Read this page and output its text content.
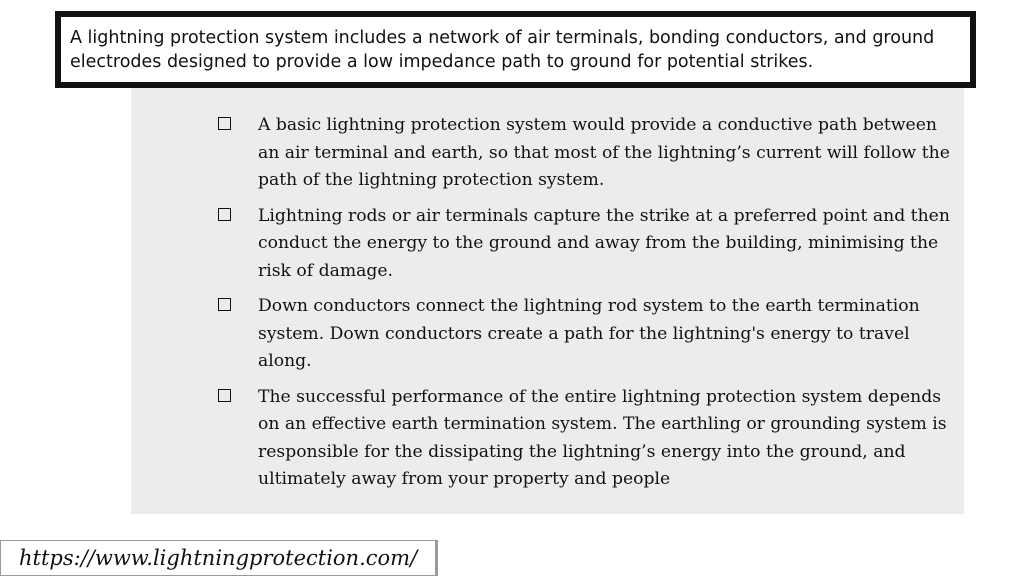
A lightning protection system includes a network of air terminals, bonding conductors, and ground electrodes designed to provide a low impedance path to ground for potential strikes.

A basic lightning protection system would provide a conductive path between an air terminal and earth, so that most of the lightning’s current will follow the path of the lightning protection system.
Lightning rods or air terminals capture the strike at a preferred point and then conduct the energy to the ground and away from the building, minimising the risk of damage.
Down conductors connect the lightning rod system to the earth termination system. Down conductors create a path for the lightning's energy to travel along.
The successful performance of the entire lightning protection system depends on an effective earth termination system. The earthling or grounding system is responsible for the dissipating the lightning’s energy into the ground, and ultimately away from your property and people
https://www.lightningprotection.com/
